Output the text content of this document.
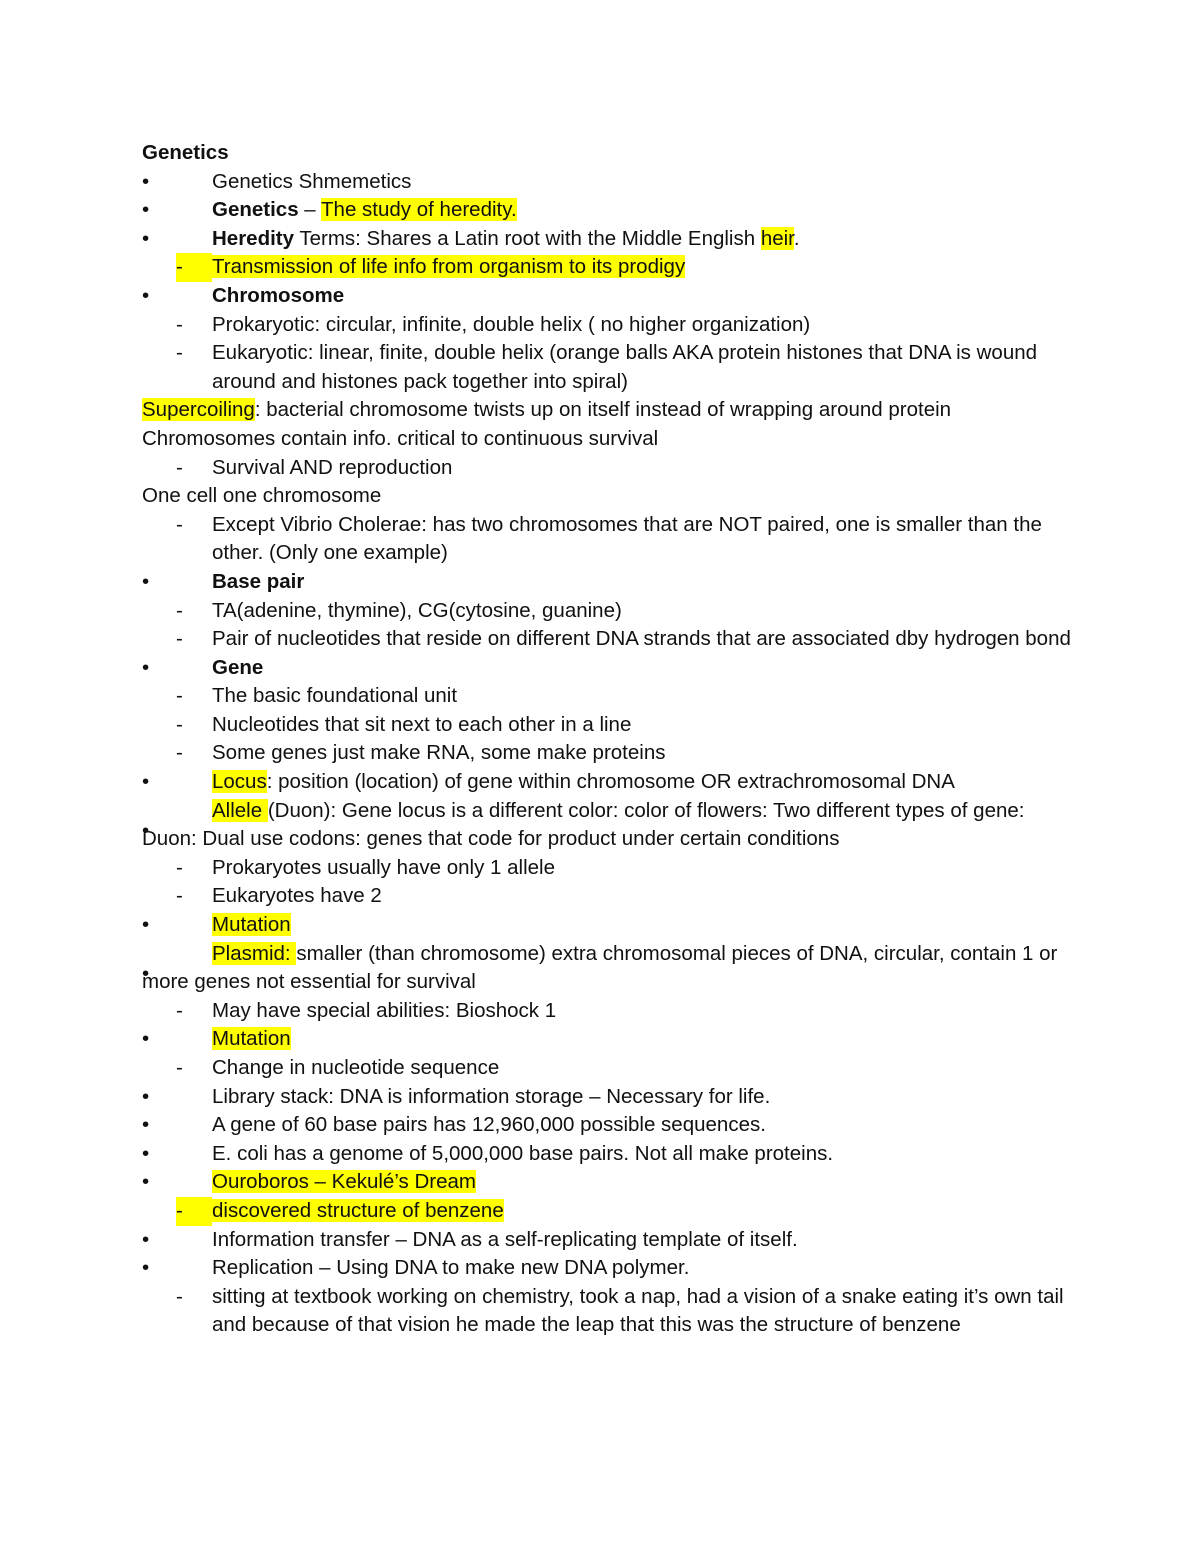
Genetics
•	Genetics Shmemetics
•	Genetics – The study of heredity.
•	Heredity Terms: Shares a Latin root with the Middle English heir.
-	Transmission of life info from organism to its prodigy
•	Chromosome
-	Prokaryotic: circular, infinite, double helix ( no higher organization)
-	Eukaryotic: linear, finite, double helix (orange balls AKA protein histones that DNA is wound around and histones pack together into spiral)
Supercoiling: bacterial chromosome twists up on itself instead of wrapping around protein
Chromosomes contain info. critical to continuous survival
-	Survival AND reproduction
One cell one chromosome
-	Except Vibrio Cholerae: has two chromosomes that are NOT paired, one is smaller than the other. (Only one example)
•	Base pair
-	TA(adenine, thymine), CG(cytosine, guanine)
-	Pair of nucleotides that reside on different DNA strands that are associated dby hydrogen bond
•	Gene
-	The basic foundational unit
-	Nucleotides that sit next to each other in a line
-	Some genes just make RNA, some make proteins
•	Locus: position (location) of gene within chromosome OR extrachromosomal DNA
Allele (Duon): Gene locus is a different color: color of flowers: Two different types of gene: Duon: Dual use codons: genes that code for product under certain conditions
-	Prokaryotes usually have only 1 allele
-	Eukaryotes have 2
•	Mutation
Plasmid: smaller (than chromosome) extra chromosomal pieces of DNA, circular, contain 1 or more genes not essential for survival
-	May have special abilities: Bioshock 1
•	Mutation
-	Change in nucleotide sequence
•	Library stack: DNA is information storage – Necessary for life.
•	A gene of 60 base pairs has 12,960,000 possible sequences.
•	E. coli has a genome of 5,000,000 base pairs. Not all make proteins.
•	Ouroboros – Kekulé’s Dream
-	discovered structure of benzene
•	Information transfer – DNA as a self-replicating template of itself.
•	Replication – Using DNA to make new DNA polymer.
-	sitting at textbook working on chemistry, took a nap, had a vision of a snake eating it’s own tail and because of that vision he made the leap that this was the structure of benzene
